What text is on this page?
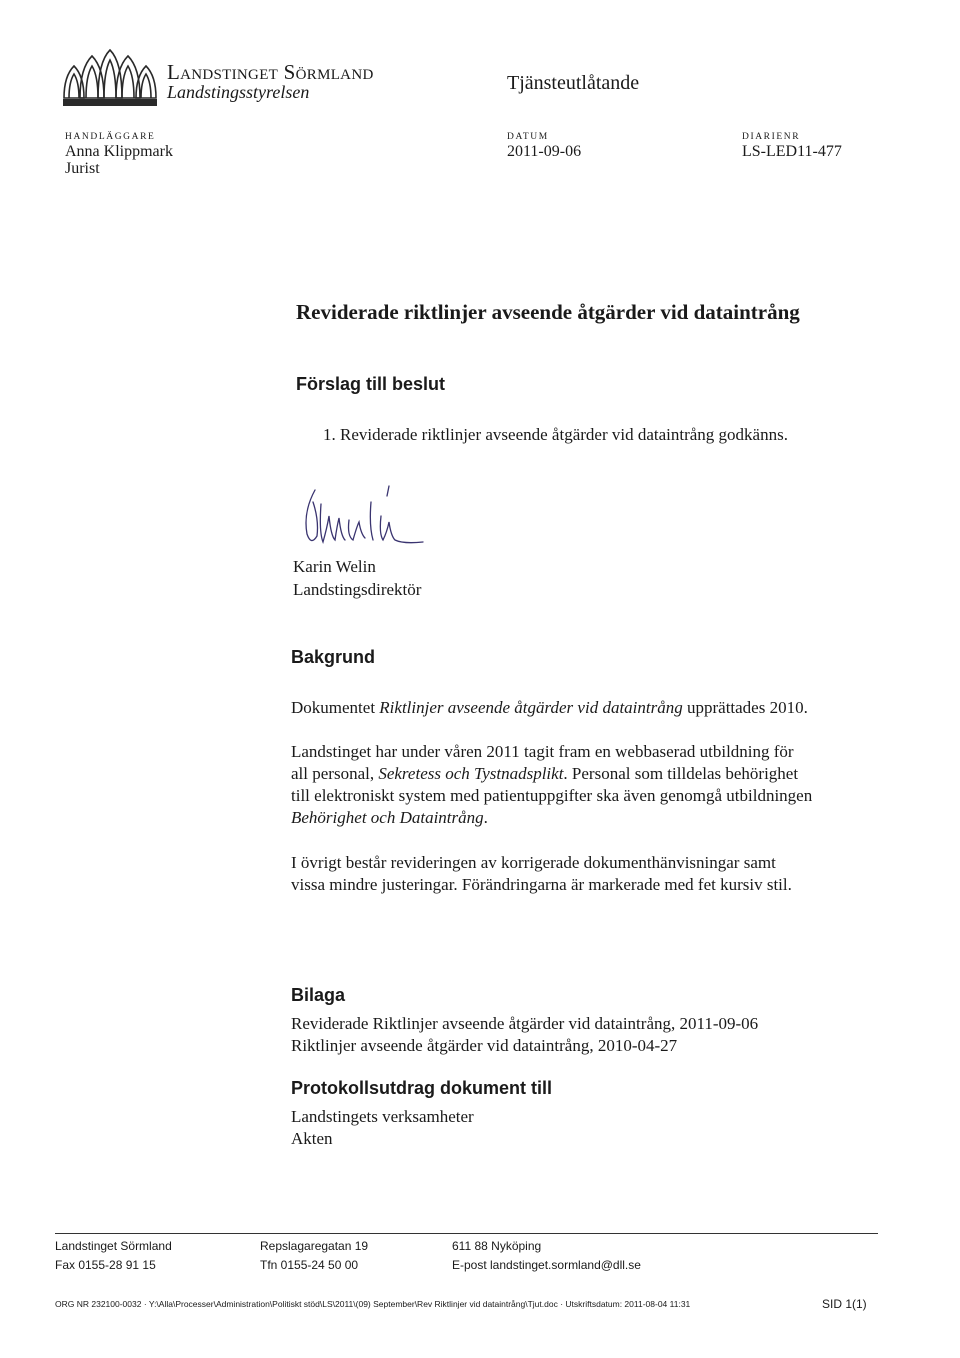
Landstinget Sörmland
Landstingsstyrelsen	Tjänsteutlåtande
HANDLÄGGARE
Anna Klippmark
Jurist
DATUM
2011-09-06
DIARIENR
LS-LED11-477
Reviderade riktlinjer avseende åtgärder vid dataintrång
Förslag till beslut
1. Reviderade riktlinjer avseende åtgärder vid dataintrång godkänns.
Karin Welin
Landstingsdirektör
Bakgrund

Dokumentet Riktlinjer avseende åtgärder vid dataintrång upprättades 2010.

Landstinget har under våren 2011 tagit fram en webbaserad utbildning för

all personal, Sekretess och Tystnadsplikt. Personal som tilldelas behörighet

till elektroniskt system med patientuppgifter ska även genomgå utbildningen

Behörighet och Dataintrång.

I övrigt består revideringen av korrigerade dokumenthänvisningar samt

vissa mindre justeringar. Förändringarna är markerade med fet kursiv stil.

Bilaga

Reviderade Riktlinjer avseende åtgärder vid dataintrång, 2011-09-06

Riktlinjer avseende åtgärder vid dataintrång, 2010-04-27

Protokollsutdrag dokument till

Landstingets verksamheter

Akten

Landstinget Sörmland
Fax 0155-28 91 15
Repslagaregatan 19
Tfn 0155-24 50 00
611 88 Nyköping
E-post landstinget.sormland@dll.se
ORG NR 232100-0032 · Y:\Alla\Processer\Administration\Politiskt stöd\LS\2011\(09) September\Rev Riktlinjer vid dataintrång\Tjut.doc · Utskriftsdatum: 2011-08-04 11:31	SID 1(1)
